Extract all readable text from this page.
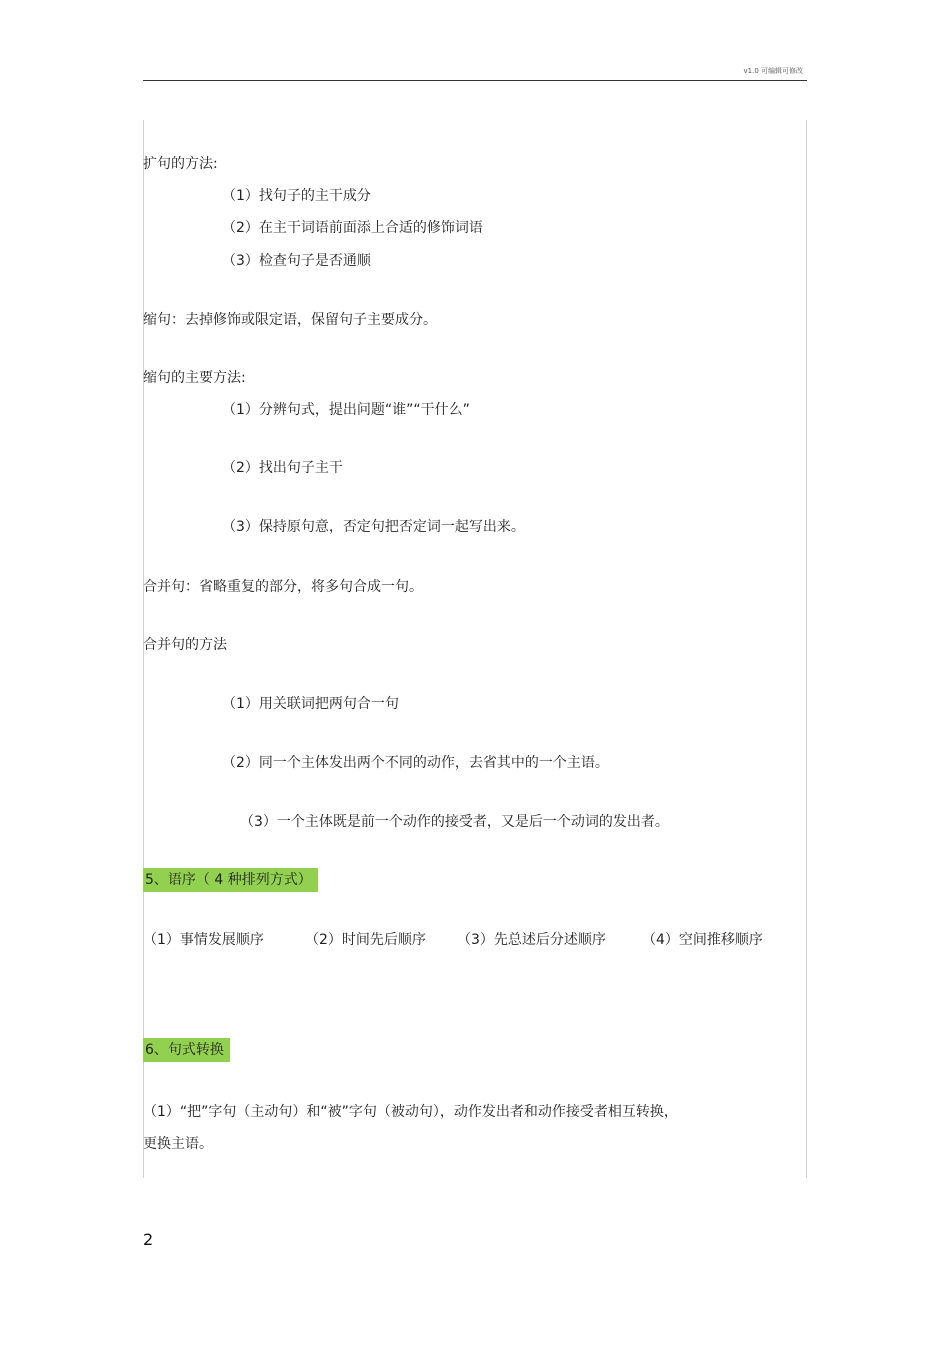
v1.0 可编辑可修改
扩句的方法:
（1）找句子的主干成分
（2）在主干词语前面添上合适的修饰词语
（3）检查句子是否通顺
缩句：去掉修饰或限定语，保留句子主要成分。
缩句的主要方法:
（1）分辨句式，提出问题“谁”“干什么”
（2）找出句子主干
（3）保持原句意，否定句把否定词一起写出来。
合并句：省略重复的部分，将多句合成一句。
合并句的方法
（1）用关联词把两句合一句
（2）同一个主体发出两个不同的动作，去省其中的一个主语。
（3）一个主体既是前一个动作的接受者，又是后一个动词的发出者。
5、语序（ 4 种排列方式）
（1）事情发展顺序	（2）时间先后顺序 （3）先总述后分述顺序	（4）空间推移顺序
6、句式转换
（1）“把”字句（主动句）和“被”字句（被动句），动作发出者和动作接受者相互转换，
更换主语。
2
